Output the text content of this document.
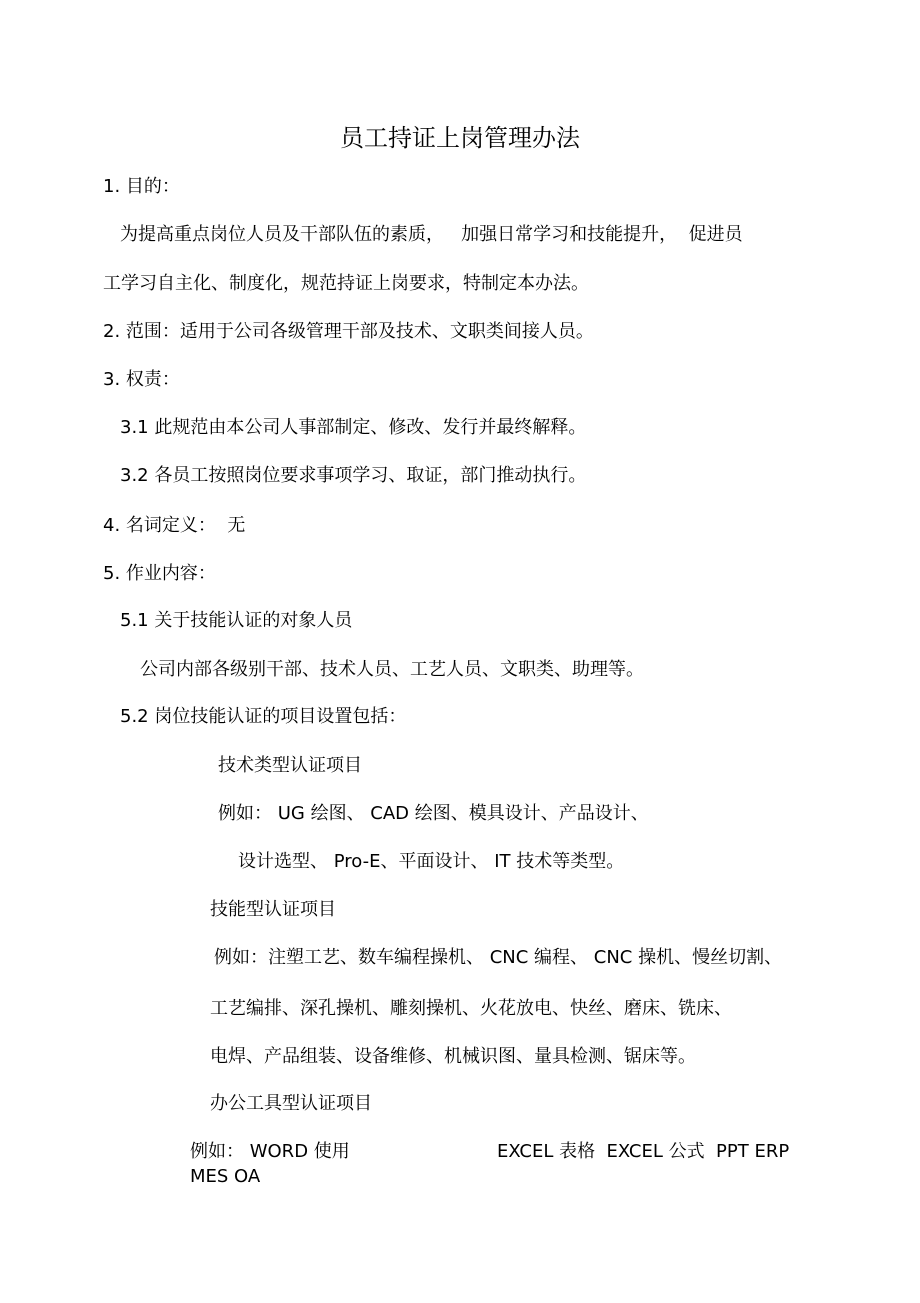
员工持证上岗管理办法
1. 目的：
为提高重点岗位人员及干部队伍的素质，   加强日常学习和技能提升，  促进员
工学习自主化、制度化，规范持证上岗要求，特制定本办法。
2. 范围：适用于公司各级管理干部及技术、文职类间接人员。
3. 权责：
3.1 此规范由本公司人事部制定、修改、发行并最终解释。
3.2 各员工按照岗位要求事项学习、取证，部门推动执行。
4. 名词定义：  无
5. 作业内容：
5.1 关于技能认证的对象人员
公司内部各级别干部、技术人员、工艺人员、文职类、助理等。
5.2 岗位技能认证的项目设置包括：
技术类型认证项目
例如： UG 绘图、 CAD 绘图、模具设计、产品设计、
设计选型、 Pro-E、平面设计、 IT 技术等类型。
技能型认证项目
例如：注塑工艺、数车编程操机、 CNC 编程、 CNC 操机、慢丝切割、
工艺编排、深孔操机、雕刻操机、火花放电、快丝、磨床、铣床、
电焊、产品组装、设备维修、机械识图、量具检测、锯床等。
办公工具型认证项目
例如： WORD 使用	EXCEL 表格  EXCEL 公式  PPT ERP
MES OA
